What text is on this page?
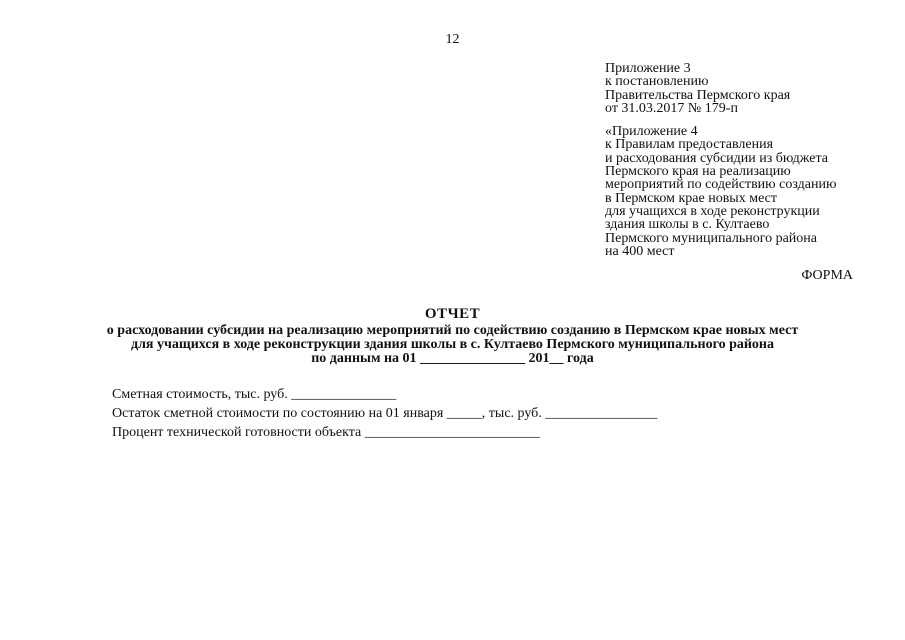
12
Приложение 3
к постановлению
Правительства Пермского края
от 31.03.2017 № 179-п
«Приложение 4
к Правилам предоставления
и расходования субсидии из бюджета
Пермского края на реализацию
мероприятий по содействию созданию
в Пермском крае новых мест
для учащихся в ходе реконструкции
здания школы в с. Култаево
Пермского муниципального района
на 400 мест
ФОРМА
ОТЧЕТ
о расходовании субсидии на реализацию мероприятий по содействию созданию в Пермском крае новых мест
для учащихся в ходе реконструкции здания школы в с. Култаево Пермского муниципального района
по данным на 01 _______________ 201__ года
Сметная стоимость, тыс. руб. _______________
Остаток сметной стоимости по состоянию на 01 января _____, тыс. руб. ________________
Процент технической готовности объекта _________________________
